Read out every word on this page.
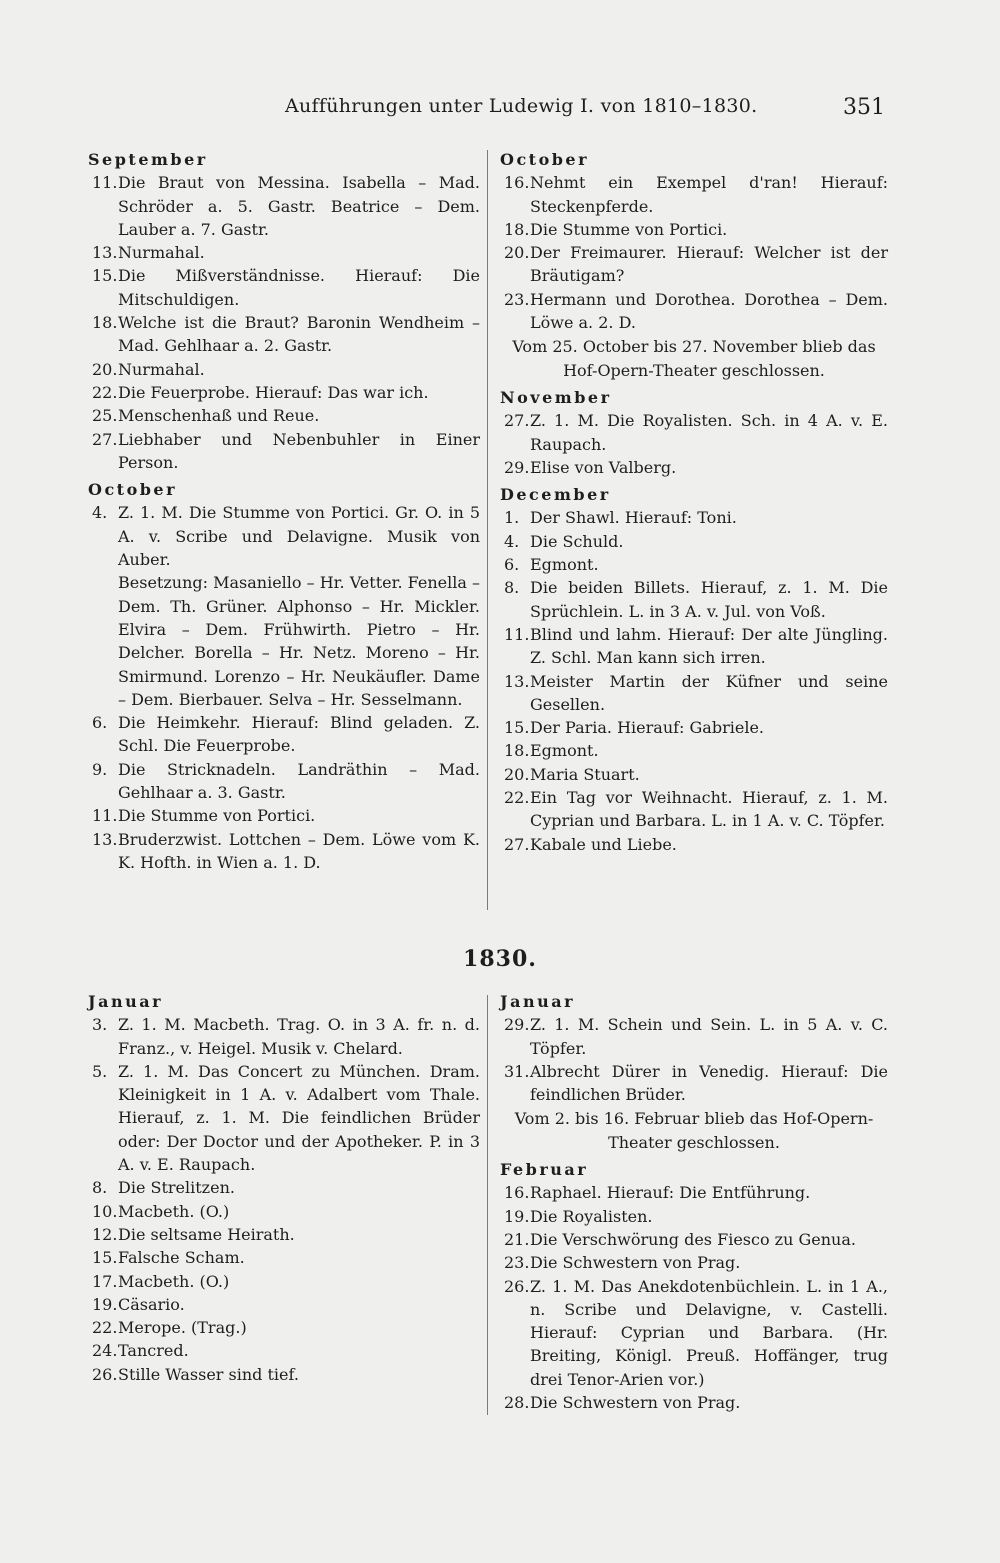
Aufführungen unter Ludewig I. von 1810–1830.	351
September
11.Die Braut von Messina. Isabella – Mad. Schröder a. 5. Gastr. Beatrice – Dem. Lauber a. 7. Gastr.
13.Nurmahal.
15.Die Mißverständnisse. Hierauf: Die Mitschuldigen.
18.Welche ist die Braut? Baronin Wendheim – Mad. Gehlhaar a. 2. Gastr.
20.Nurmahal.
22.Die Feuerprobe. Hierauf: Das war ich.
25.Menschenhaß und Reue.
27.Liebhaber und Nebenbuhler in Einer Person.
October
4. Z. 1. M. Die Stumme von Portici. Gr. O. in 5 A. v. Scribe und Delavigne. Musik von Auber.
Besetzung: Masaniello – Hr. Vetter. Fenella – Dem. Th. Grüner. Alphonso – Hr. Mickler. Elvira – Dem. Frühwirth. Pietro – Hr. Delcher. Borella – Hr. Netz. Moreno – Hr. Smirmund. Lorenzo – Hr. Neukäufler. Dame – Dem. Bierbauer. Selva – Hr. Sesselmann.
6. Die Heimkehr. Hierauf: Blind geladen. Z. Schl. Die Feuerprobe.
9. Die Stricknadeln. Landräthin – Mad. Gehlhaar a. 3. Gastr.
11.Die Stumme von Portici.
13.Bruderzwist. Lottchen – Dem. Löwe vom K. K. Hofth. in Wien a. 1. D.
October
16.Nehmt ein Exempel d'ran! Hierauf: Steckenpferde.
18.Die Stumme von Portici.
20.Der Freimaurer. Hierauf: Welcher ist der Bräutigam?
23.Hermann und Dorothea. Dorothea – Dem. Löwe a. 2. D.
Vom 25. October bis 27. November blieb das Hof-Opern-Theater geschlossen.
November
27.Z. 1. M. Die Royalisten. Sch. in 4 A. v. E. Raupach.
29.Elise von Valberg.
December
1. Der Shawl. Hierauf: Toni.
4. Die Schuld.
6. Egmont.
8. Die beiden Billets. Hierauf, z. 1. M. Die Sprüchlein. L. in 3 A. v. Jul. von Voß.
11.Blind und lahm. Hierauf: Der alte Jüngling. Z. Schl. Man kann sich irren.
13.Meister Martin der Küfner und seine Gesellen.
15.Der Paria. Hierauf: Gabriele.
18.Egmont.
20.Maria Stuart.
22.Ein Tag vor Weihnacht. Hierauf, z. 1. M. Cyprian und Barbara. L. in 1 A. v. C. Töpfer.
27.Kabale und Liebe.
1830.
Januar
3. Z. 1. M. Macbeth. Trag. O. in 3 A. fr. n. d. Franz., v. Heigel. Musik v. Chelard.
5. Z. 1. M. Das Concert zu München. Dram. Kleinigkeit in 1 A. v. Adalbert vom Thale. Hierauf, z. 1. M. Die feindlichen Brüder oder: Der Doctor und der Apotheker. P. in 3 A. v. E. Raupach.
8. Die Strelitzen.
10.Macbeth. (O.)
12.Die seltsame Heirath.
15.Falsche Scham.
17.Macbeth. (O.)
19.Cäsario.
22.Merope. (Trag.)
24.Tancred.
26.Stille Wasser sind tief.
Januar
29.Z. 1. M. Schein und Sein. L. in 5 A. v. C. Töpfer.
31.Albrecht Dürer in Venedig. Hierauf: Die feindlichen Brüder.
Vom 2. bis 16. Februar blieb das Hof-Opern-Theater geschlossen.
Februar
16.Raphael. Hierauf: Die Entführung.
19.Die Royalisten.
21.Die Verschwörung des Fiesco zu Genua.
23.Die Schwestern von Prag.
26.Z. 1. M. Das Anekdotenbüchlein. L. in 1 A., n. Scribe und Delavigne, v. Castelli. Hierauf: Cyprian und Barbara. (Hr. Breiting, Königl. Preuß. Hoffänger, trug drei Tenor-Arien vor.)
28.Die Schwestern von Prag.
